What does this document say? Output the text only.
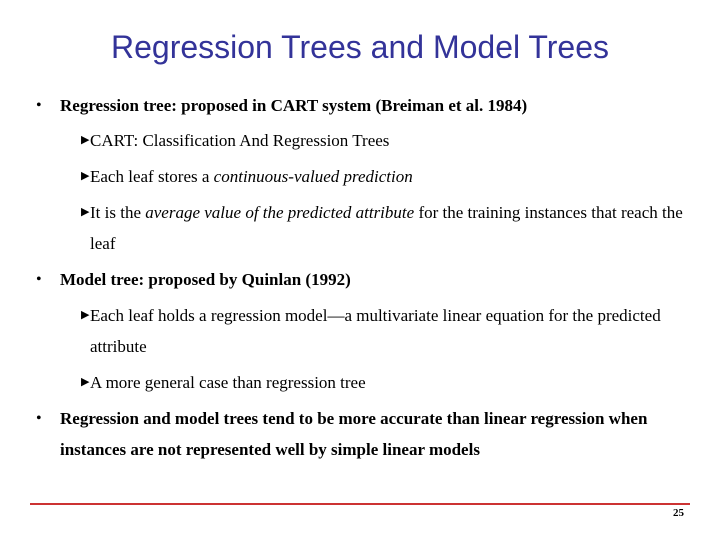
Regression Trees and Model Trees
• Regression tree: proposed in CART system (Breiman et al. 1984)
▶ CART: Classification And Regression Trees
▶ Each leaf stores a continuous-valued prediction
▶ It is the average value of the predicted attribute for the training instances that reach the leaf
• Model tree: proposed by Quinlan (1992)
▶ Each leaf holds a regression model—a multivariate linear equation for the predicted attribute
▶ A more general case than regression tree
• Regression and model trees tend to be more accurate than linear regression when instances are not represented well by simple linear models
25
